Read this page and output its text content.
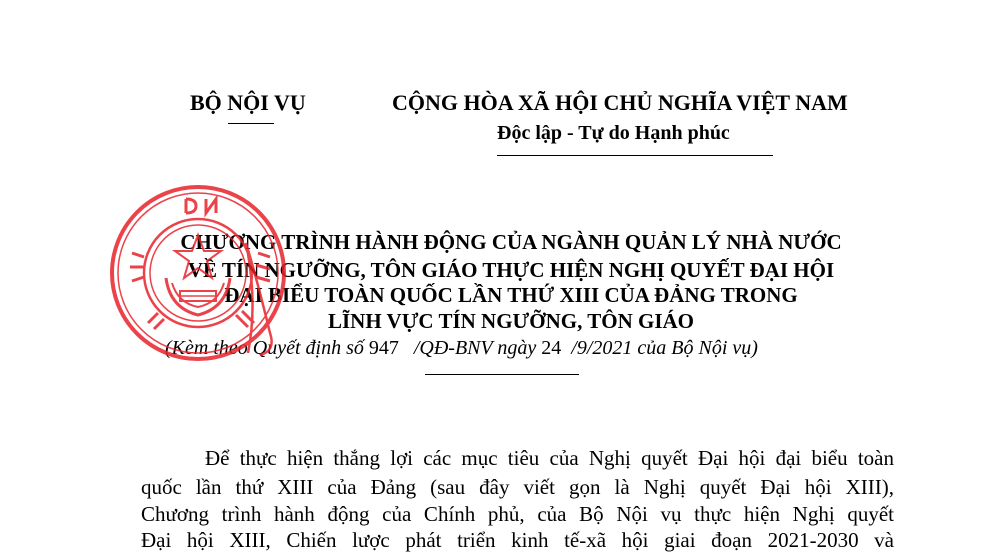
BỘ NỘI VỤ	CỘNG HÒA XÃ HỘI CHỦ NGHĨA VIỆT NAM
Độc lập - Tự do Hạnh phúc
CHƯƠNG TRÌNH HÀNH ĐỘNG CỦA NGÀNH QUẢN LÝ NHÀ NƯỚC
VỀ TÍN NGƯỠNG, TÔN GIÁO THỰC HIỆN NGHỊ QUYẾT ĐẠI HỘI
ĐẠI BIỂU TOÀN QUỐC LẦN THỨ XIII CỦA ĐẢNG TRONG
LĨNH VỰC TÍN NGƯỠNG, TÔN GIÁO
(Kèm theo Quyết định số 947 /QĐ-BNV ngày 24 /9/2021 của Bộ Nội vụ)
Để thực hiện thắng lợi các mục tiêu của Nghị quyết Đại hội đại biểu toàn
quốc lần thứ XIII của Đảng (sau đây viết gọn là Nghị quyết Đại hội XIII),
Chương trình hành động của Chính phủ, của Bộ Nội vụ thực hiện Nghị quyết
Đại hội XIII, Chiến lược phát triển kinh tế-xã hội giai đoạn 2021-2030 và
